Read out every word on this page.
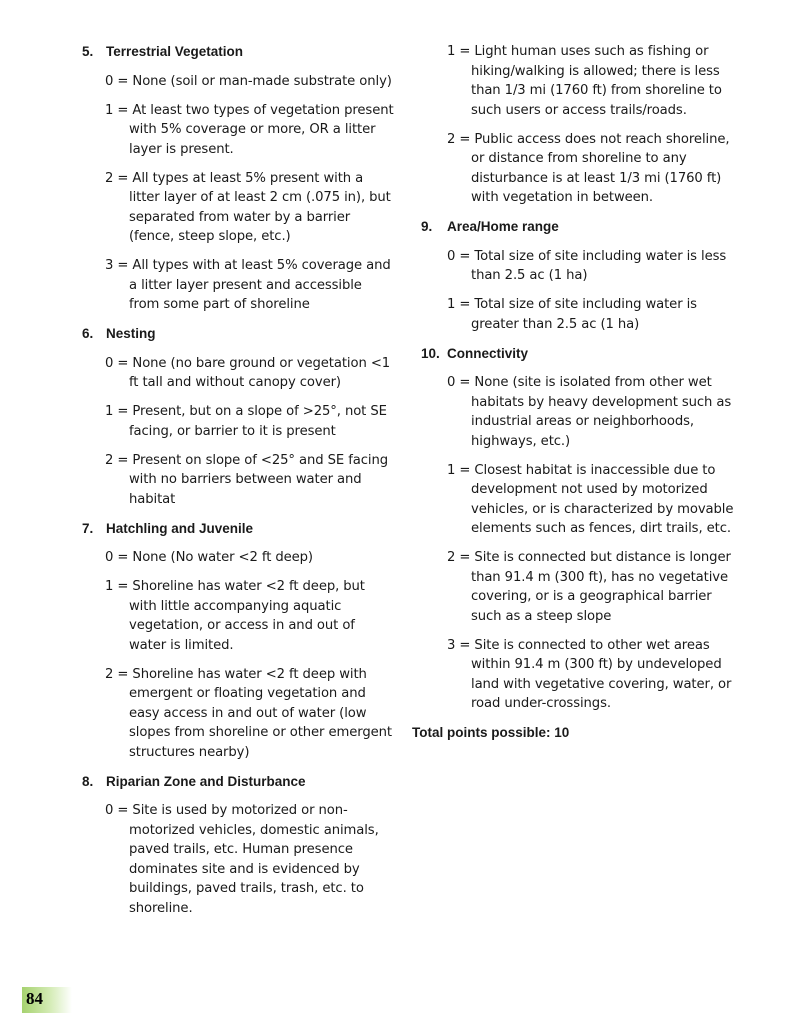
5. Terrestrial Vegetation
0 = None (soil or man-made substrate only)
1 = At least two types of vegetation present with 5% coverage or more, OR a litter layer is present.
2 = All types at least 5% present with a litter layer of at least 2 cm (.075 in), but separated from water by a barrier (fence, steep slope, etc.)
3 = All types with at least 5% coverage and a litter layer present and accessible from some part of shoreline
6. Nesting
0 = None (no bare ground or vegetation <1 ft tall and without canopy cover)
1 = Present, but on a slope of >25°, not SE facing, or barrier to it is present
2 = Present on slope of <25° and SE facing with no barriers between water and habitat
7. Hatchling and Juvenile
0 = None (No water <2 ft deep)
1 = Shoreline has water <2 ft deep, but with little accompanying aquatic vegetation, or access in and out of water is limited.
2 = Shoreline has water <2 ft deep with emergent or floating vegetation and easy access in and out of water (low slopes from shoreline or other emergent structures nearby)
8. Riparian Zone and Disturbance
0 = Site is used by motorized or non-motorized vehicles, domestic animals, paved trails, etc. Human presence dominates site and is evidenced by buildings, paved trails, trash, etc. to shoreline.
1 = Light human uses such as fishing or hiking/walking is allowed; there is less than 1/3 mi (1760 ft) from shoreline to such users or access trails/roads.
2 = Public access does not reach shoreline, or distance from shoreline to any disturbance is at least 1/3 mi (1760 ft) with vegetation in between.
9.	Area/Home range
0 = Total size of site including water is less than 2.5 ac (1 ha)
1 = Total size of site including water is greater than 2.5 ac (1 ha)
10. Connectivity
0 = None (site is isolated from other wet habitats by heavy development such as industrial areas or neighborhoods, highways, etc.)
1 = Closest habitat is inaccessible due to development not used by motorized vehicles, or is characterized by movable elements such as fences, dirt trails, etc.
2 = Site is connected but distance is longer than 91.4 m (300 ft), has no vegetative covering, or is a geographical barrier such as a steep slope
3 = Site is connected to other wet areas within 91.4 m (300 ft) by undeveloped land with vegetative covering, water, or road under-crossings.
Total points possible: 10
84
